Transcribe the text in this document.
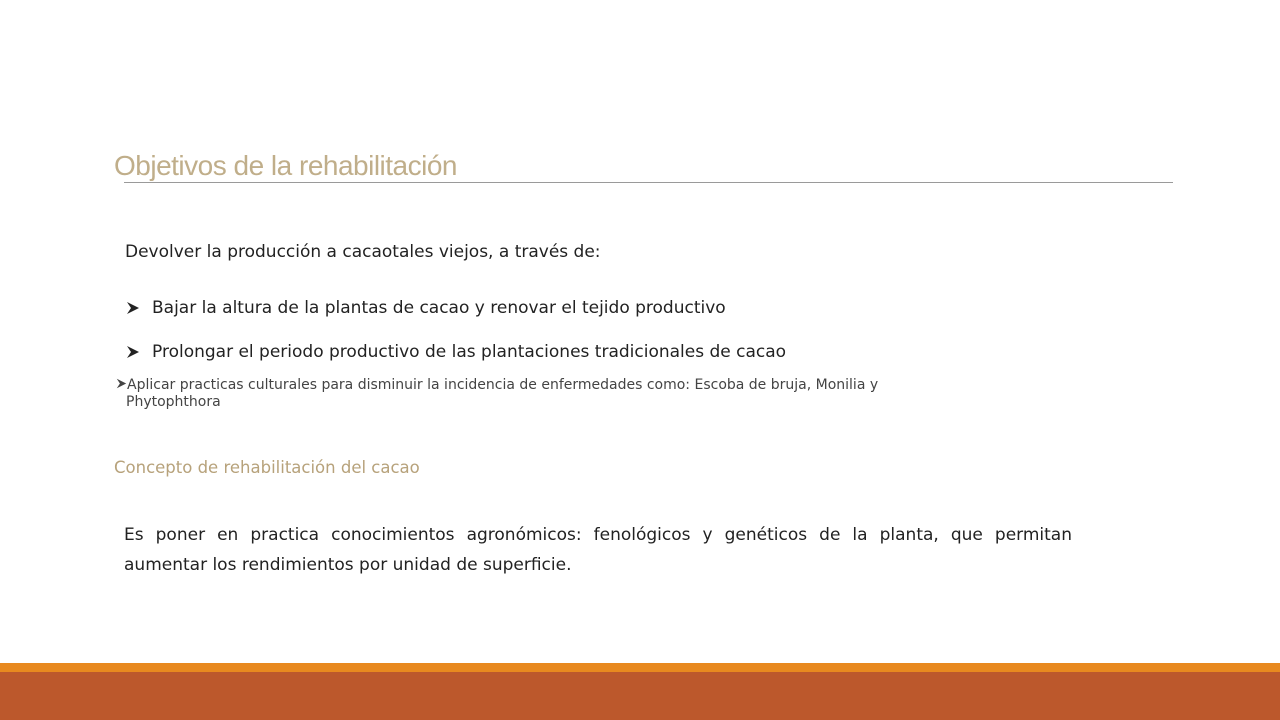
Objetivos de la rehabilitación
Devolver la producción a cacaotales viejos, a través de:
Bajar la altura de la plantas de cacao y renovar el tejido productivo
Prolongar el periodo productivo de las plantaciones tradicionales de cacao
Aplicar practicas culturales para disminuir la incidencia de enfermedades como: Escoba de bruja, Monilia y
Phytophthora
Concepto de rehabilitación del cacao
Es poner en practica conocimientos agronómicos: fenológicos y genéticos de la planta, que permitan aumentar los rendimientos por unidad de superficie.
